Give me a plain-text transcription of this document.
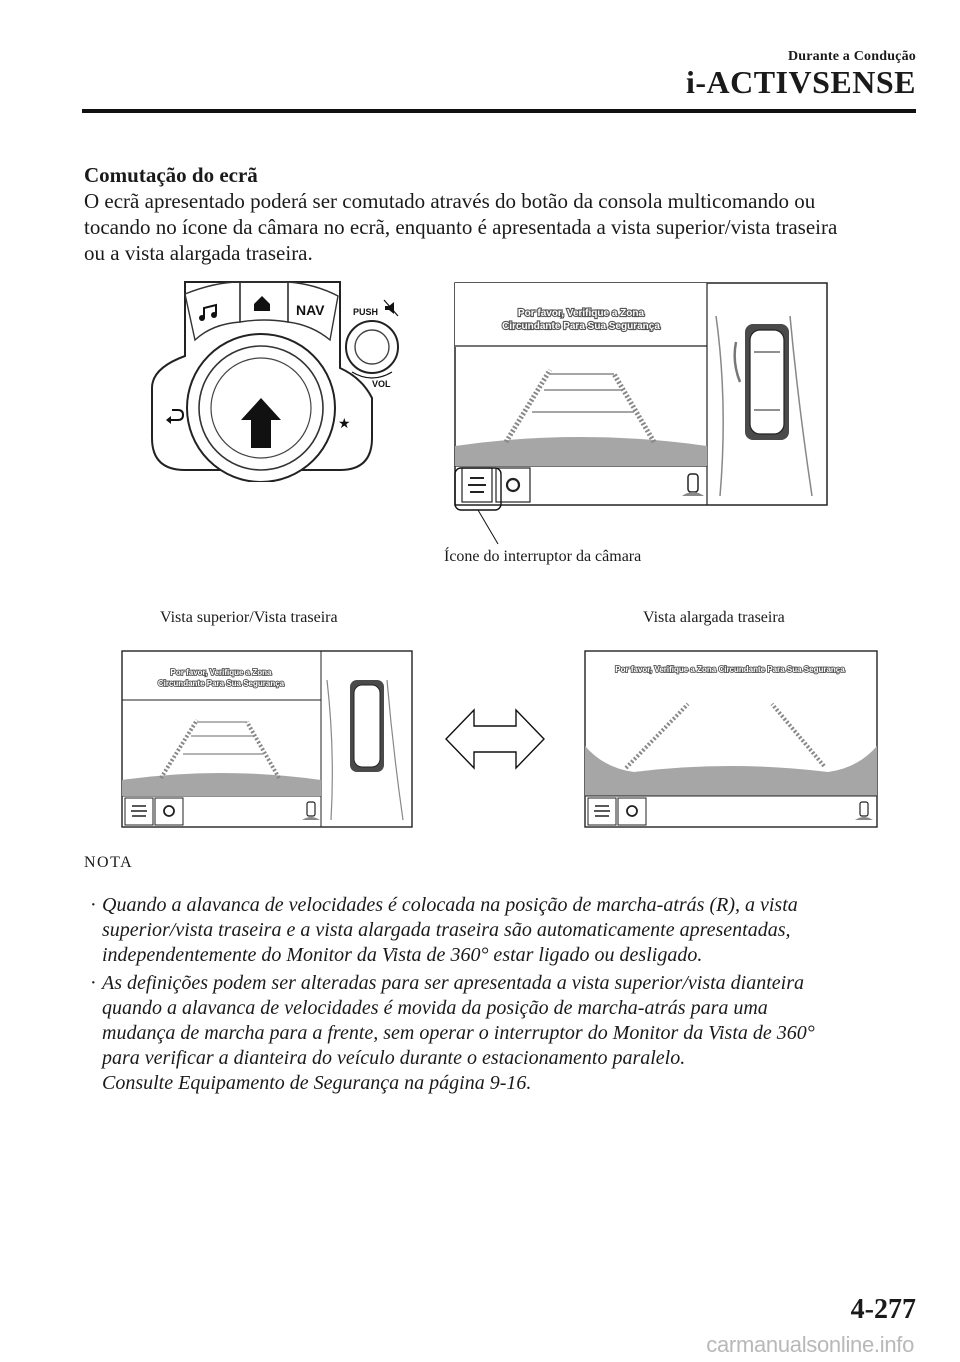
Durante a Condução
i-ACTIVSENSE
Comutação do ecrã
O ecrã apresentado poderá ser comutado através do botão da consola multicomando ou
tocando no ícone da câmara no ecrã, enquanto é apresentada a vista superior/vista traseira
ou a vista alargada traseira.
NAV
★
PUSH
VOL
Por favor, Verifique a Zona
Circundante Para Sua Segurança
Ícone do interruptor da câmara
Vista superior/Vista traseira	Vista alargada traseira
Por favor, Verifique a Zona
Circundante Para Sua Segurança
Por favor, Verifique a Zona Circundante Para Sua Segurança
NOTA
· Quando a alavanca de velocidades é colocada na posição de marcha-atrás (R), a vista
superior/vista traseira e a vista alargada traseira são automaticamente apresentadas,
independentemente do Monitor da Vista de 360° estar ligado ou desligado.
· As definições podem ser alteradas para ser apresentada a vista superior/vista dianteira
quando a alavanca de velocidades é movida da posição de marcha-atrás para uma
mudança de marcha para a frente, sem operar o interruptor do Monitor da Vista de 360°
para verificar a dianteira do veículo durante o estacionamento paralelo.
Consulte Equipamento de Segurança na página 9-16.
4-277
carmanualsonline.info
